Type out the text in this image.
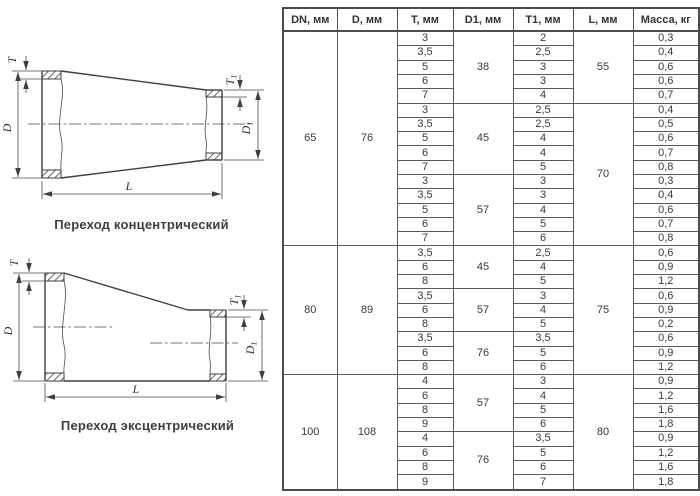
D
T
$T_1$
$D_1$
L
Переход концентрический
D
T
$T_1$
$D_1$
L
Переход эксцентрический
DN, мм	D, мм	T, мм	D1, мм	T1, мм	L, мм	Масса, кг
65	76	3	38	2	55	0,3
		3,5		2,5		0,4
		5		3		0,6
		6		3		0,6
		7		4		0,7
		3	45	2,5	70	0,4
		3,5		2,5		0,5
		5		4		0,6
		6		4		0,7
		7		5		0,8
		3	57	3		0,3
		3,5		3		0,4
		5		4		0,6
		6		5		0,7
		7		6		0,8
80	89	3,5	45	2,5	75	0,6
		6		4		0,9
		8		5		1,2
		3,5	57	3		0,6
		6		4		0,9
		8		5		0,2
		3,5	76	3,5		0,6
		6		5		0,9
		8		6		1,2
100	108	4	57	3	80	0,9
		6		4		1,2
		8		5		1,6
		9		6		1,8
		4	76	3,5		0,9
		6		5		1,2
		8		6		1,6
		9		7		1,8
